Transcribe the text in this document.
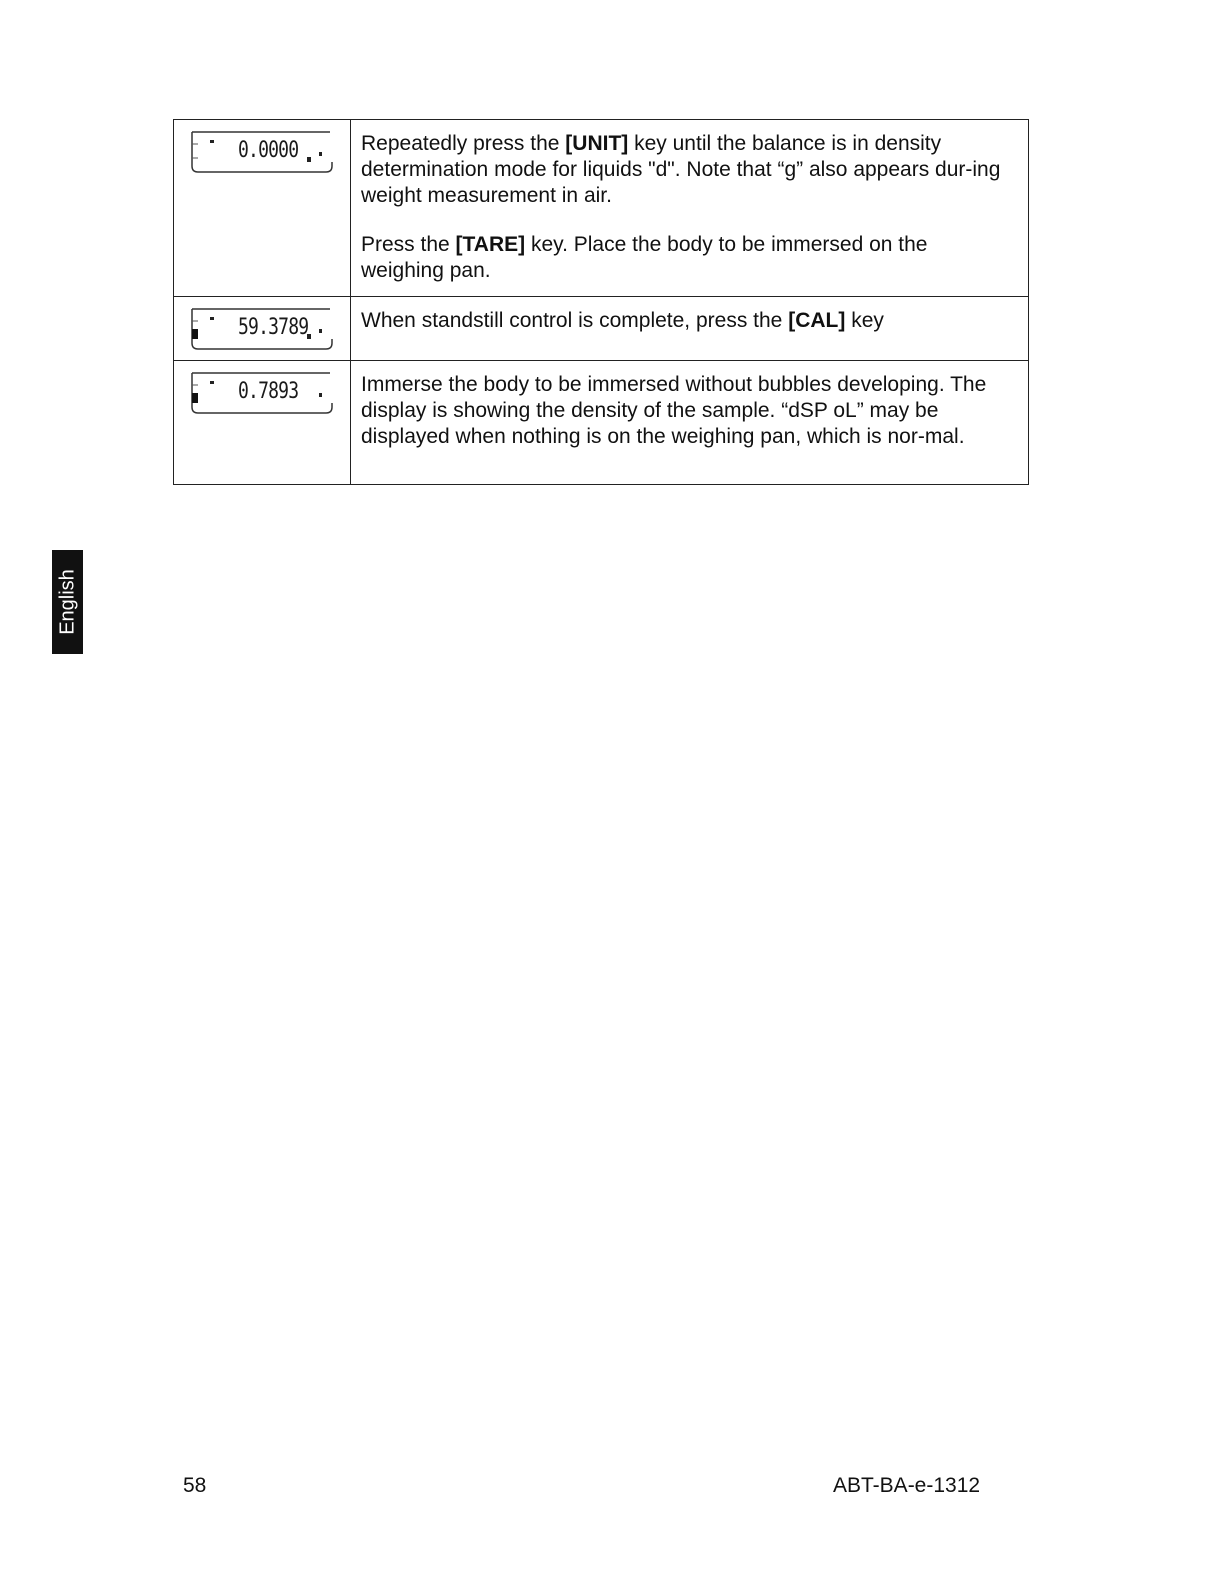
English
0.0000	Repeatedly press the [UNIT] key until the balance is in density determination mode for liquids "d". Note that “g” also appears dur-ing weight measurement in air.

Press the [TARE] key. Place the body to be immersed on the weighing pan.

59.3789	When standstill control is complete, press the [CAL] key

0.7893	Immerse the body to be immersed without bubbles developing. The display is showing the density of the sample. “dSP oL” may be displayed when nothing is on the weighing pan, which is nor-mal.

58	ABT-BA-e-1312
